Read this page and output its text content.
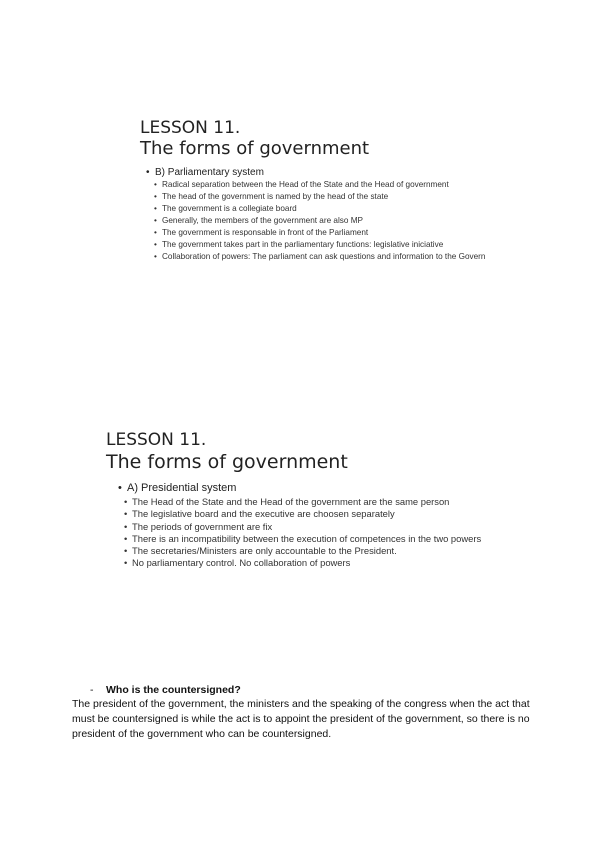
LESSON 11.

The forms of government

• B) Parliamentary system
• Radical separation between the Head of the State and the Head of government
• The head of the government is named by the head of the state
• The government is a collegiate board
• Generally, the members of the government are also MP
• The government is responsable in front of the Parliament
• The government takes part in the parliamentary functions: legislative iniciative
• Collaboration of powers: The parliament can ask questions and information to the Govern

LESSON 11.

The forms of government

• A) Presidential system
• The Head of the State and the Head of the government are the same person
• The legislative board and the executive are choosen separately
• The periods of government are fix
• There is an incompatibility between the execution of competences in the two powers
• The secretaries/Ministers are only accountable to the President.
• No parliamentary control. No collaboration of powers
-	Who is the countersigned?

The president of the government, the ministers and the speaking of the congress when the act that must be countersigned is while the act is to appoint the president of the government, so there is no president of the government who can be countersigned.
